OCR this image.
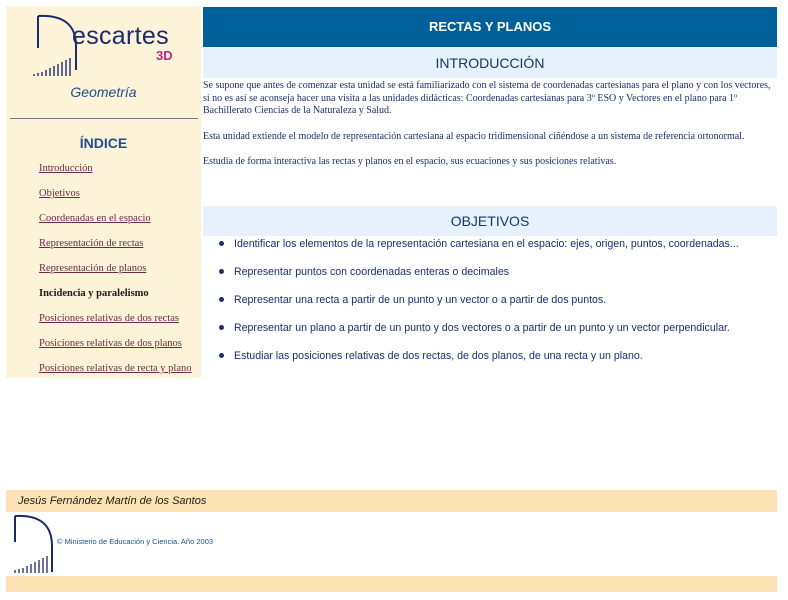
escartes
3D
Geometría
ÍNDICE
Introducción
Objetivos
Coordenadas en el espacio
Representación de rectas
Representación de planos
Incidencia y paralelismo
Posiciones relativas de dos rectas
Posiciones relativas de dos planos
Posiciones relativas de recta y plano
RECTAS Y PLANOS
INTRODUCCIÓN

Se supone que antes de comenzar esta unidad se está familiarizado con el sistema de coordenadas cartesianas para el plano y con los vectores, si no es así se aconseja hacer una visita a las unidades didácticas: Coordenadas cartesianas para 3º ESO y Vectores en el plano para 1º Bachillerato Ciencias de la Naturaleza y Salud.

Esta unidad extiende el modelo de representación cartesiana al espacio tridimensional ciñéndose a un sistema de referencia ortonormal.

Estudia de forma interactiva las rectas y planos en el espacio, sus ecuaciones y sus posiciones relativas.

OBJETIVOS
Identificar los elementos de la representación cartesiana en el espacio: ejes, origen, puntos, coordenadas...
Representar puntos con coordenadas enteras o decimales
Representar una recta a partir de un punto y un vector o a partir de dos puntos.
Representar un plano a partir de un punto y dos vectores o a partir de un punto y un vector perpendicular.
Estudiar las posiciones relativas de dos rectas, de dos planos, de una recta y un plano.
Jesús Fernández Martín de los Santos
© Ministerio de Educación y Ciencia. Año 2003
